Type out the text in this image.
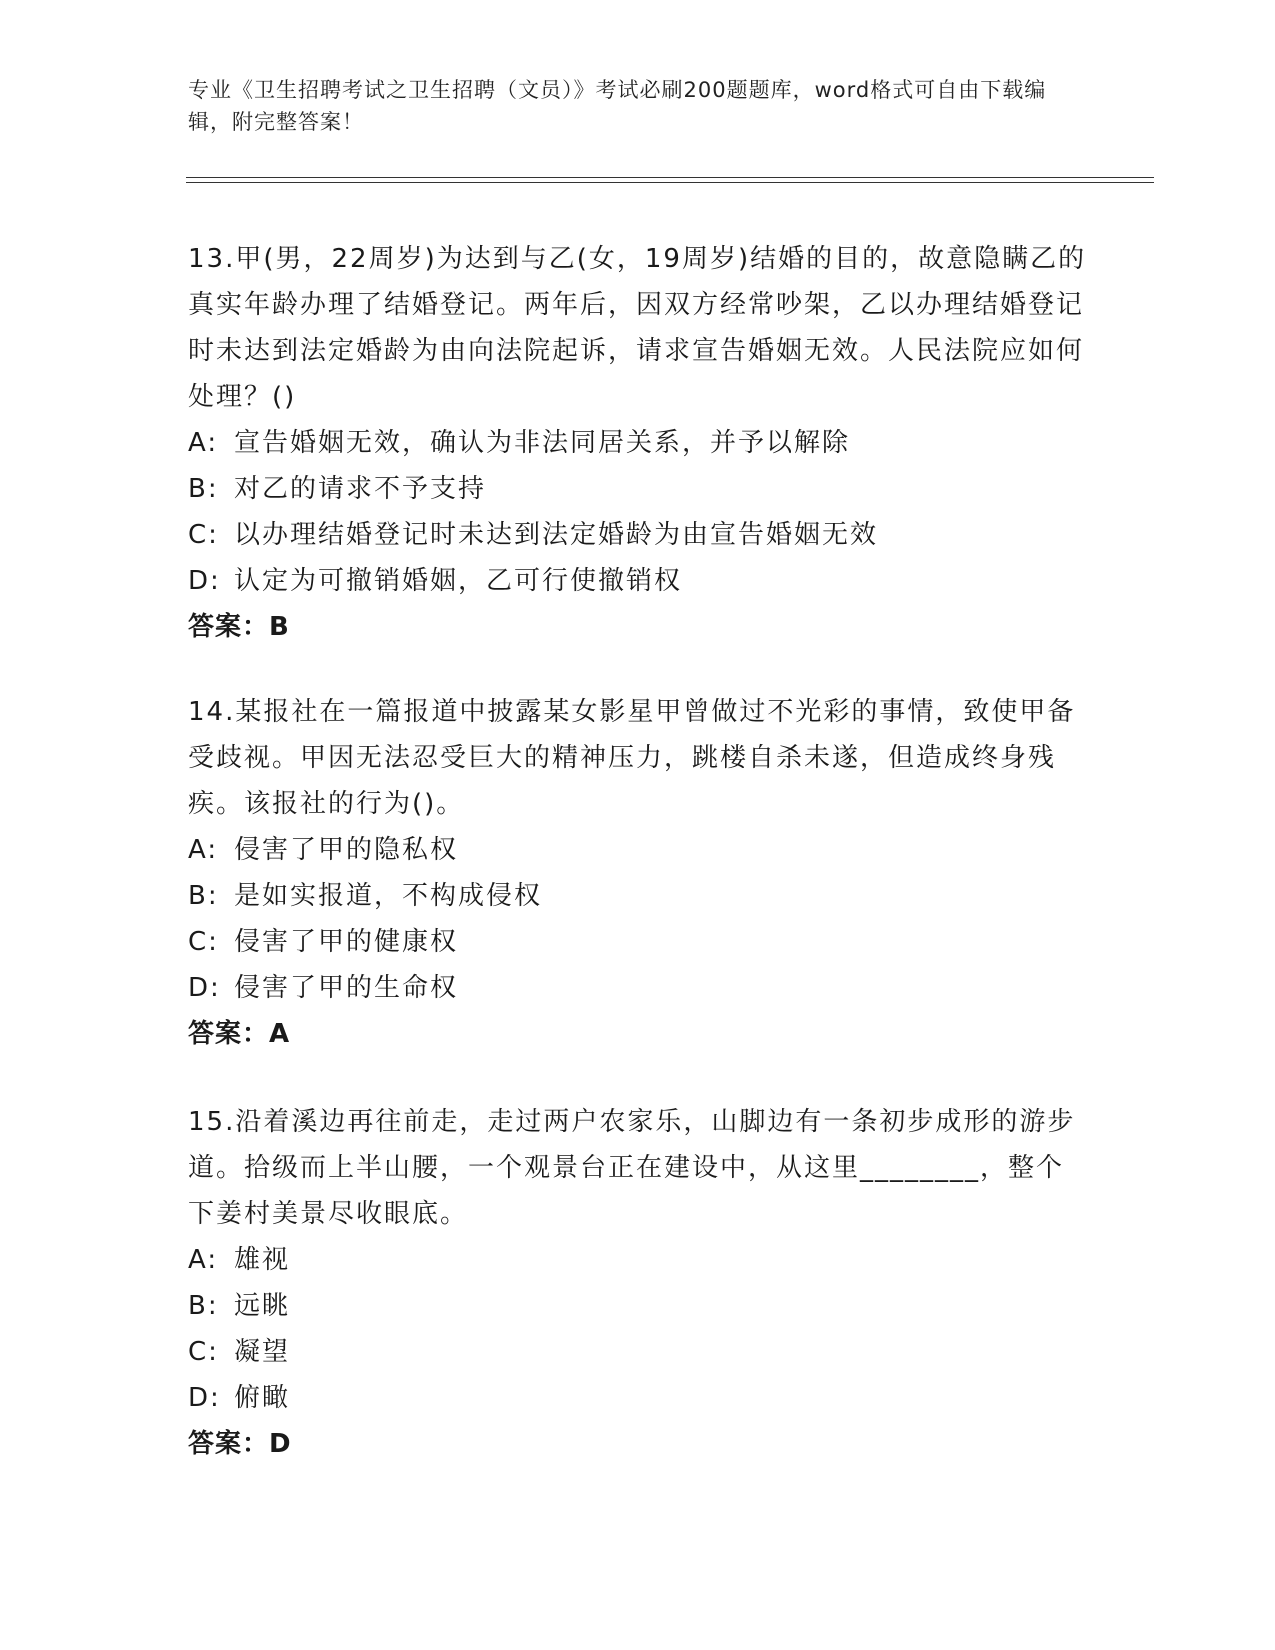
专业《卫生招聘考试之卫生招聘（文员）》考试必刷200题题库，word格式可自由下载编辑，附完整答案！

13.甲(男，22周岁)为达到与乙(女，19周岁)结婚的目的，故意隐瞒乙的真实年龄办理了结婚登记。两年后，因双方经常吵架，乙以办理结婚登记时未达到法定婚龄为由向法院起诉，请求宣告婚姻无效。人民法院应如何处理？()

A: 宣告婚姻无效，确认为非法同居关系，并予以解除

B: 对乙的请求不予支持

C: 以办理结婚登记时未达到法定婚龄为由宣告婚姻无效

D: 认定为可撤销婚姻，乙可行使撤销权

答案：B

14.某报社在一篇报道中披露某女影星甲曾做过不光彩的事情，致使甲备受歧视。甲因无法忍受巨大的精神压力，跳楼自杀未遂，但造成终身残疾。该报社的行为()。

A: 侵害了甲的隐私权

B: 是如实报道，不构成侵权

C: 侵害了甲的健康权

D: 侵害了甲的生命权

答案：A

15.沿着溪边再往前走，走过两户农家乐，山脚边有一条初步成形的游步道。拾级而上半山腰，一个观景台正在建设中，从这里________，整个下姜村美景尽收眼底。

A: 雄视

B: 远眺

C: 凝望

D: 俯瞰

答案：D
